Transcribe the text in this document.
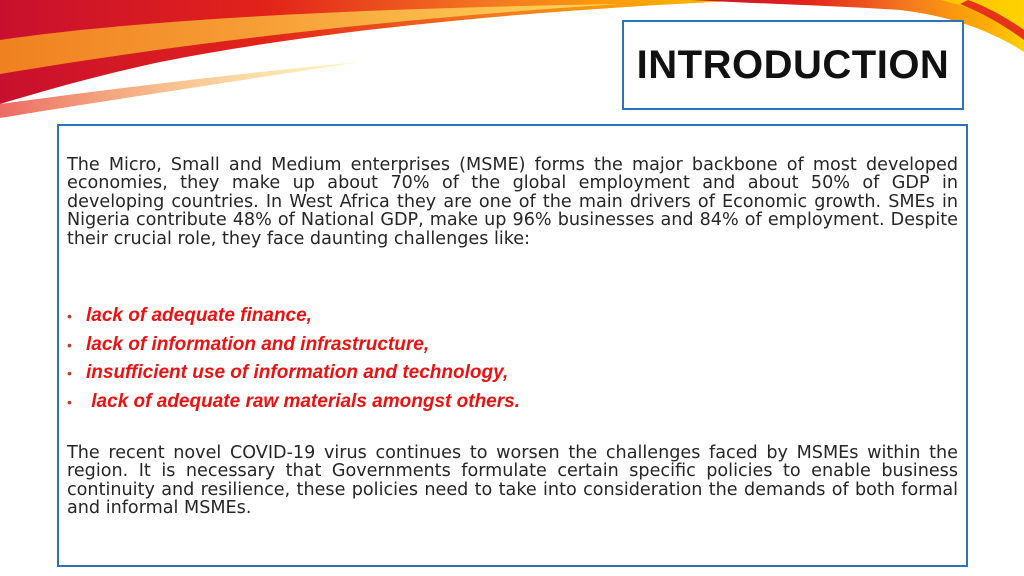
INTRODUCTION

The Micro, Small and Medium enterprises (MSME) forms the major backbone of most developed economies, they make up about 70% of the global employment and about 50% of GDP in developing countries. In West Africa they are one of the main drivers of Economic growth. SMEs in Nigeria contribute 48% of National GDP, make up 96% businesses and 84% of employment. Despite their crucial role, they face daunting challenges like:

• lack of adequate finance,
• lack of information and infrastructure,
• insufficient use of information and technology,
• lack of adequate raw materials amongst others.

The recent novel COVID-19 virus continues to worsen the challenges faced by MSMEs within the region. It is necessary that Governments formulate certain specific policies to enable business continuity and resilience, these policies need to take into consideration the demands of both formal and informal MSMEs.
